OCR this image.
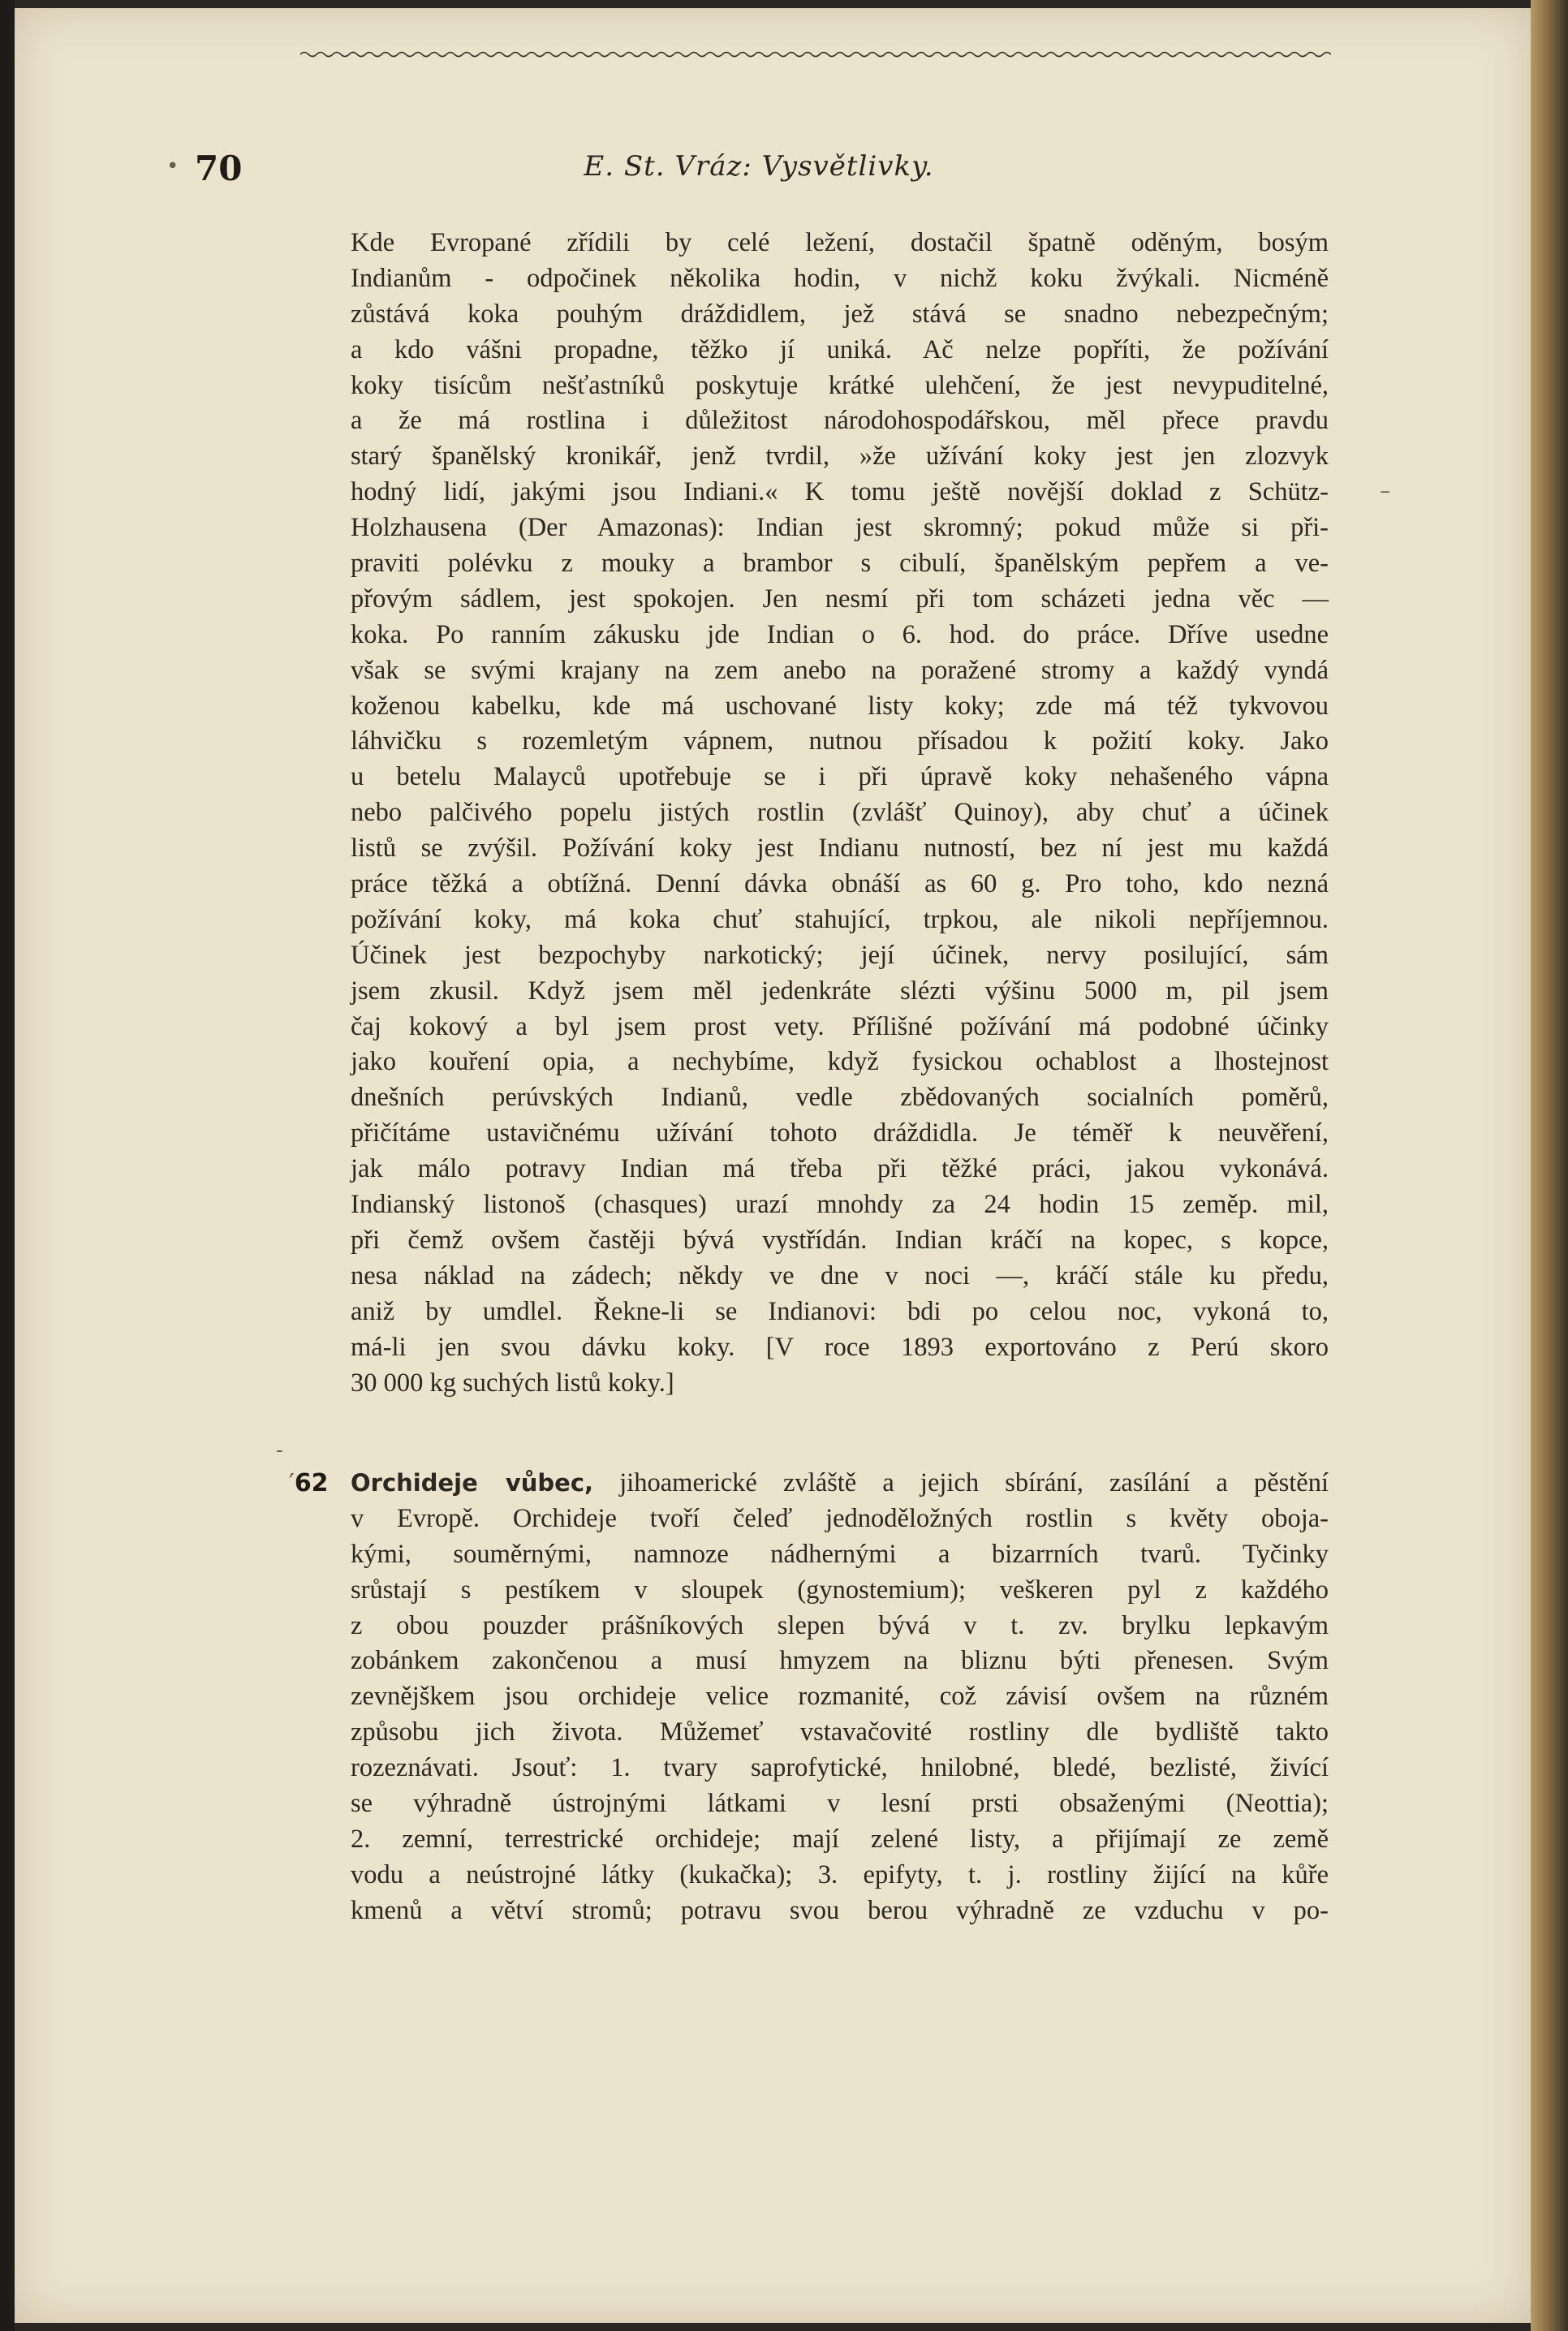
70	E. St. Vráz: Vysvětlivky.
•
–
-
Kde Evropané zřídili by celé ležení, dostačil špatně oděným, bosým
Indianům - odpočinek několika hodin, v nichž koku žvýkali. Nicméně
zůstává koka pouhým dráždidlem, jež stává se snadno nebezpečným;
a kdo vášni propadne, těžko jí uniká. Ač nelze popříti, že požívání
koky tisícům nešťastníků poskytuje krátké ulehčení, že jest nevypuditelné,
a že má rostlina i důležitost národohospodářskou, měl přece pravdu
starý španělský kronikář, jenž tvrdil, »že užívání koky jest jen zlozvyk
hodný lidí, jakými jsou Indiani.« K tomu ještě novější doklad z Schütz-
Holzhausena (Der Amazonas): Indian jest skromný; pokud může si při-
praviti polévku z mouky a brambor s cibulí, španělským pepřem a ve-
přovým sádlem, jest spokojen. Jen nesmí při tom scházeti jedna věc —
koka. Po ranním zákusku jde Indian o 6. hod. do práce. Dříve usedne
však se svými krajany na zem anebo na poražené stromy a každý vyndá
koženou kabelku, kde má uschované listy koky; zde má též tykvovou
láhvičku s rozemletým vápnem, nutnou přísadou k požití koky. Jako
u betelu Malayců upotřebuje se i při úpravě koky nehašeného vápna
nebo palčivého popelu jistých rostlin (zvlášť Quinoy), aby chuť a účinek
listů se zvýšil. Požívání koky jest Indianu nutností, bez ní jest mu každá
práce těžká a obtížná. Denní dávka obnáší as 60 g. Pro toho, kdo nezná
požívání koky, má koka chuť stahující, trpkou, ale nikoli nepříjemnou.
Účinek jest bezpochyby narkotický; její účinek, nervy posilující, sám
jsem zkusil. Když jsem měl jedenkráte slézti výšinu 5000 m, pil jsem
čaj kokový a byl jsem prost vety. Přílišné požívání má podobné účinky
jako kouření opia, a nechybíme, když fysickou ochablost a lhostejnost
dnešních perúvských Indianů, vedle zbědovaných socialních poměrů,
přičítáme ustavičnému užívání tohoto dráždidla. Je téměř k neuvěření,
jak málo potravy Indian má třeba při těžké práci, jakou vykonává.
Indianský listonoš (chasques) urazí mnohdy za 24 hodin 15 zeměp. mil,
při čemž ovšem častěji bývá vystřídán. Indian kráčí na kopec, s kopce,
nesa náklad na zádech; někdy ve dne v noci —, kráčí stále ku předu,
aniž by umdlel. Řekne-li se Indianovi: bdi po celou noc, vykoná to,
má-li jen svou dávku koky. [V roce 1893 exportováno z Perú skoro
30 000 kg suchých listů koky.]
′62 Orchideje vůbec, jihoamerické zvláště a jejich sbírání, zasílání a pěstění
v Evropě. Orchideje tvoří čeleď jednoděložných rostlin s květy oboja-
kými, souměrnými, namnoze nádhernými a bizarrních tvarů. Tyčinky
srůstají s pestíkem v sloupek (gynostemium); veškeren pyl z každého
z obou pouzder prášníkových slepen bývá v t. zv. brylku lepkavým
zobánkem zakončenou a musí hmyzem na bliznu býti přenesen. Svým
zevnějškem jsou orchideje velice rozmanité, což závisí ovšem na různém
způsobu jich života. Můžemeť vstavačovité rostliny dle bydliště takto
rozeznávati. Jsouť: 1. tvary saprofytické, hnilobné, bledé, bezlisté, živící
se výhradně ústrojnými látkami v lesní prsti obsaženými (Neottia);
2. zemní, terrestrické orchideje; mají zelené listy, a přijímají ze země
vodu a neústrojné látky (kukačka); 3. epifyty, t. j. rostliny žijící na kůře
kmenů a větví stromů; potravu svou berou výhradně ze vzduchu v po-
